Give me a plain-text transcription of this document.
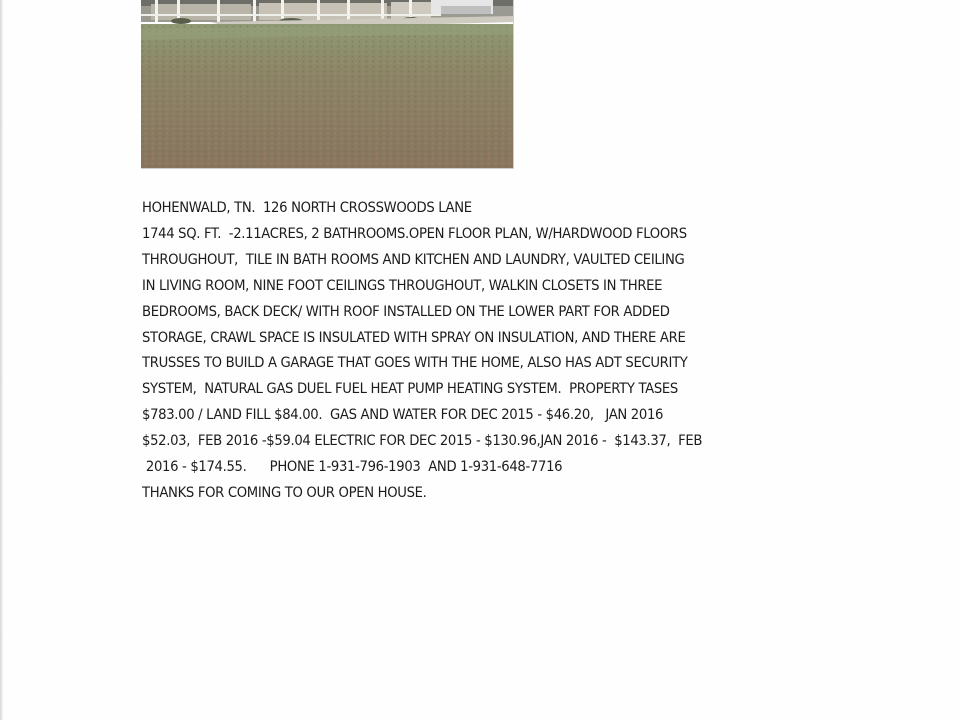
HOHENWALD, TN.  126 NORTH CROSSWOODS LANE
1744 SQ. FT.  -2.11ACRES, 2 BATHROOMS.OPEN FLOOR PLAN, W/HARDWOOD FLOORS
THROUGHOUT,  TILE IN BATH ROOMS AND KITCHEN AND LAUNDRY, VAULTED CEILING
IN LIVING ROOM, NINE FOOT CEILINGS THROUGHOUT, WALKIN CLOSETS IN THREE
BEDROOMS, BACK DECK/ WITH ROOF INSTALLED ON THE LOWER PART FOR ADDED
STORAGE, CRAWL SPACE IS INSULATED WITH SPRAY ON INSULATION, AND THERE ARE
TRUSSES TO BUILD A GARAGE THAT GOES WITH THE HOME, ALSO HAS ADT SECURITY
SYSTEM,  NATURAL GAS DUEL FUEL HEAT PUMP HEATING SYSTEM.  PROPERTY TASES
$783.00 / LAND FILL $84.00.  GAS AND WATER FOR DEC 2015 - $46.20,   JAN 2016
$52.03,  FEB 2016 -$59.04 ELECTRIC FOR DEC 2015 - $130.96,JAN 2016 -  $143.37,  FEB
2016 - $174.55.      PHONE 1-931-796-1903  AND 1-931-648-7716
THANKS FOR COMING TO OUR OPEN HOUSE.
